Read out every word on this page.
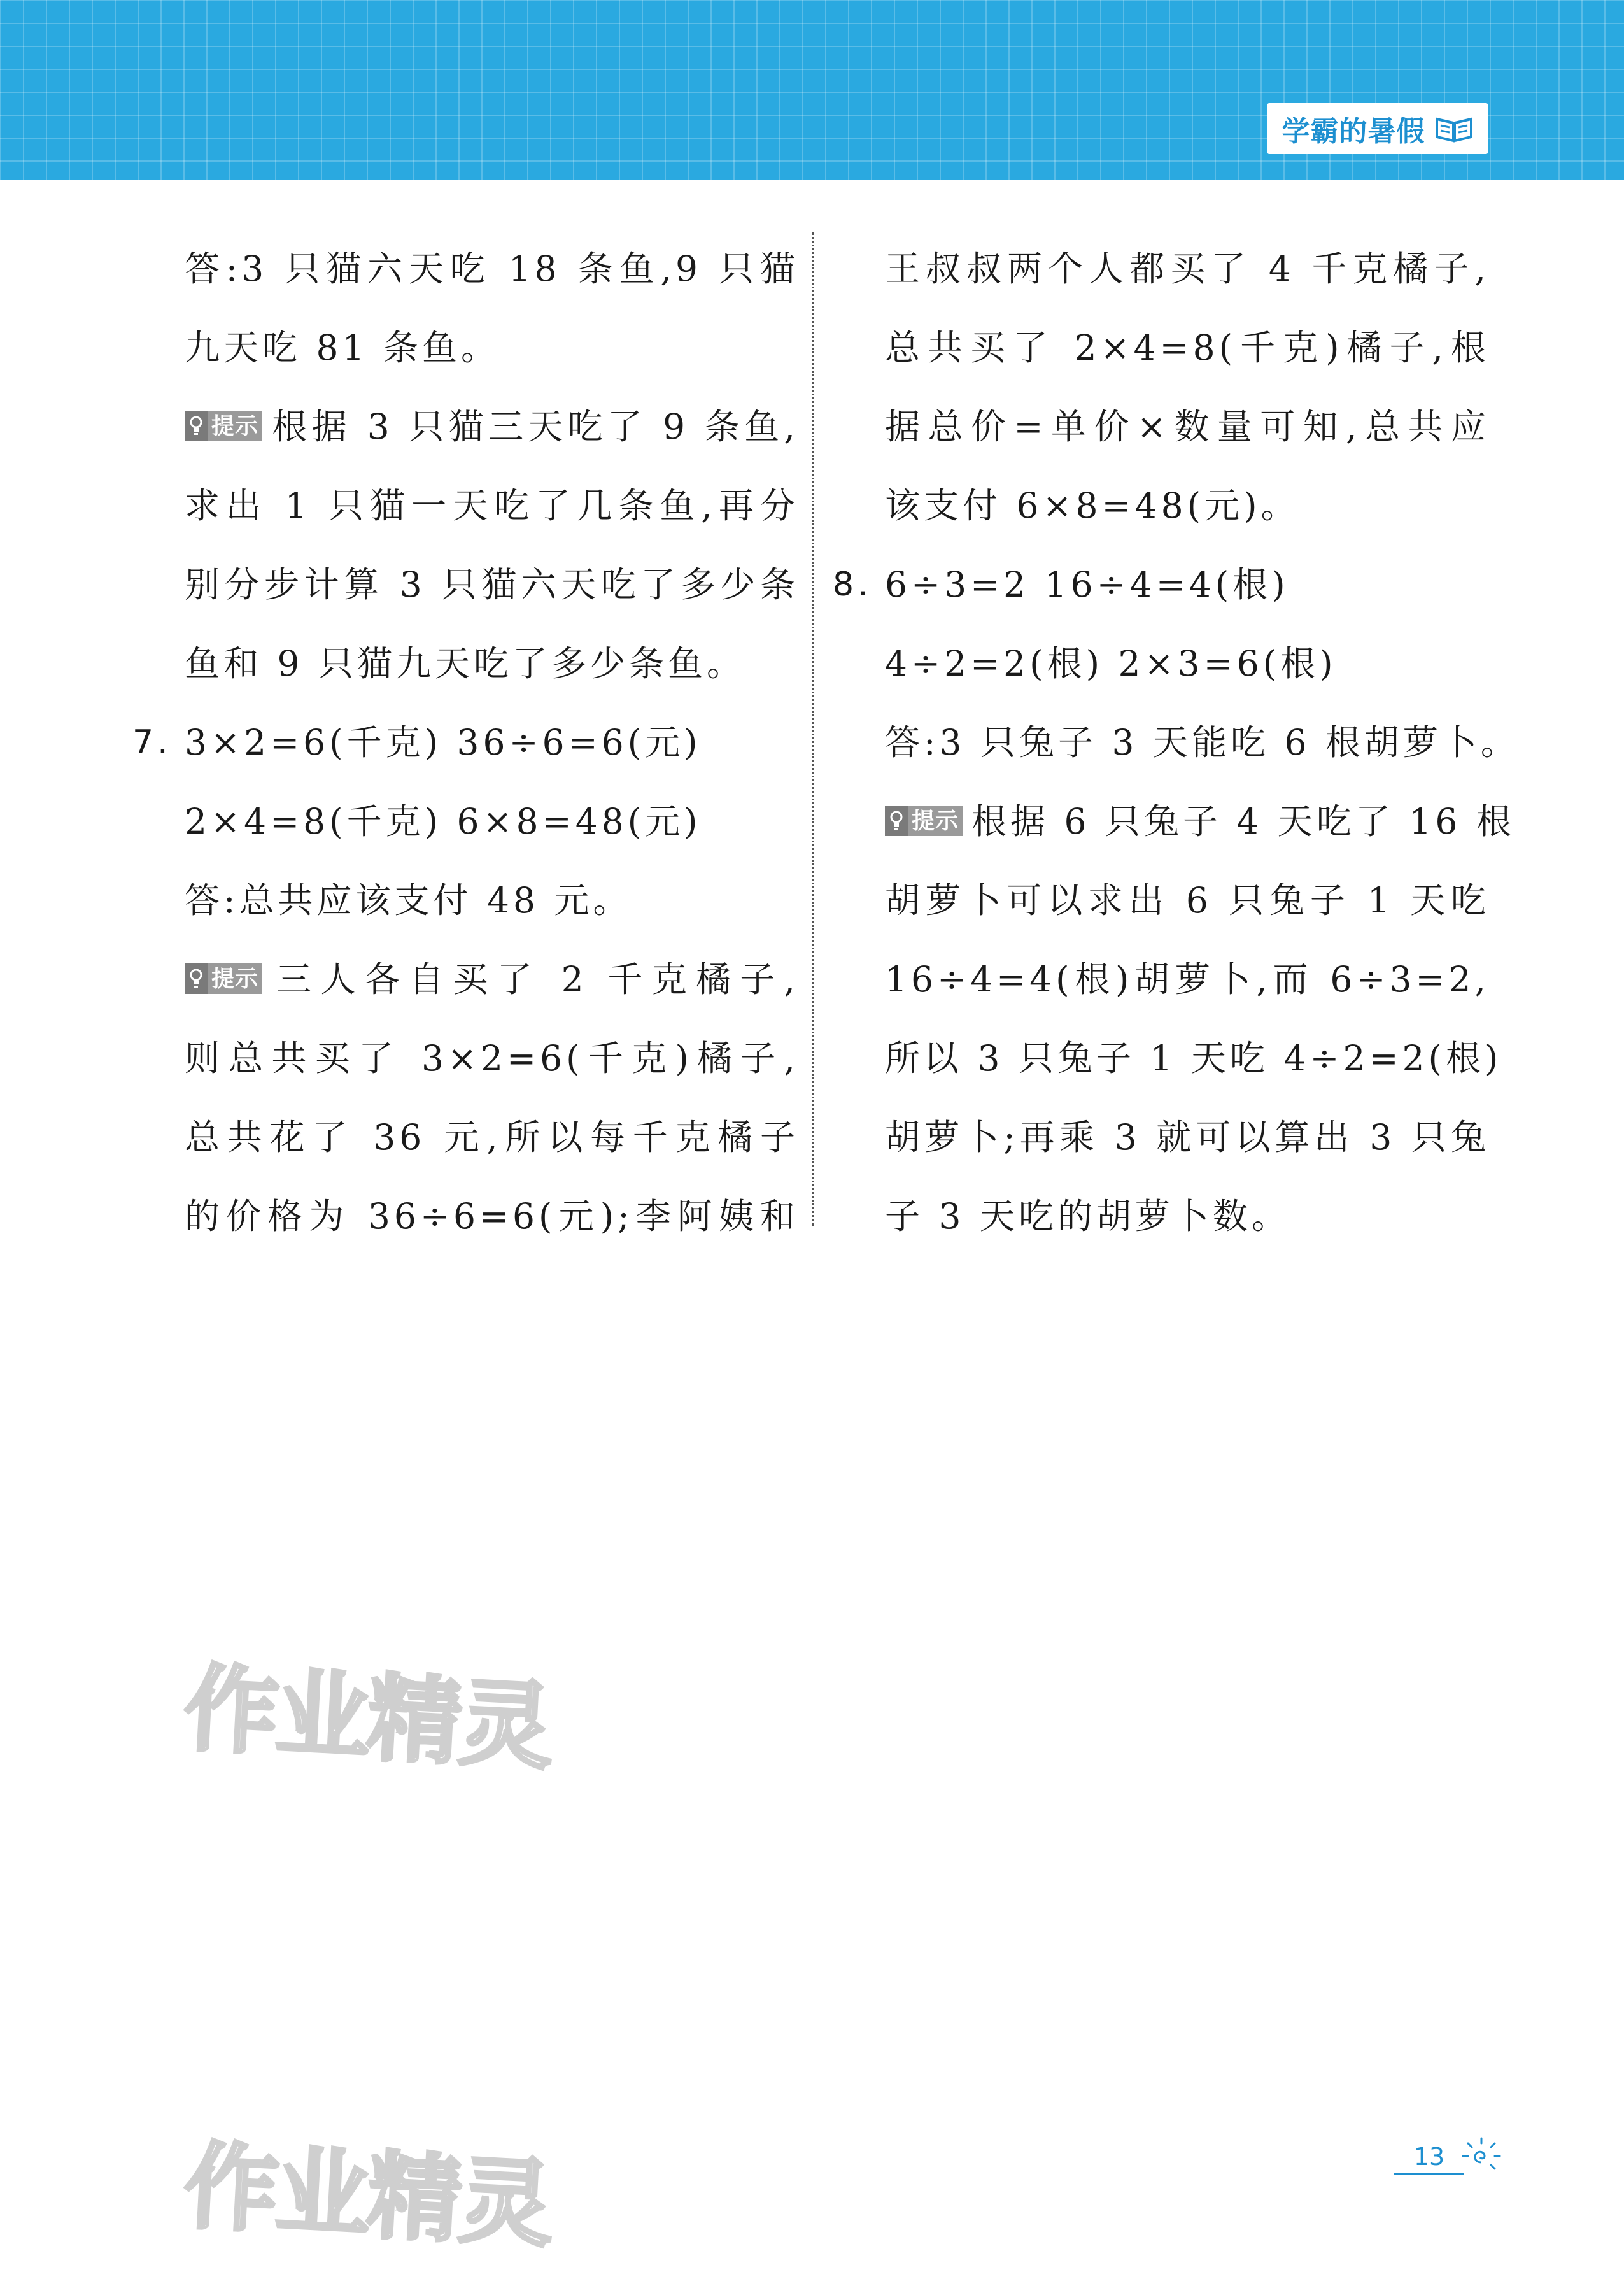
学霸的暑假
答:3 只猫六天吃 18 条鱼,9 只猫
九天吃 81 条鱼。
提示 根据 3 只猫三天吃了 9 条鱼,
求出 1 只猫一天吃了几条鱼,再分
别分步计算 3 只猫六天吃了多少条
鱼和 9 只猫九天吃了多少条鱼。
7. 3×2=6(千克) 36÷6=6(元)
2×4=8(千克) 6×8=48(元)
答:总共应该支付 48 元。
提示 三人各自买了 2 千克橘子,
则总共买了 3×2=6(千克)橘子,
总共花了 36 元,所以每千克橘子
的价格为 36÷6=6(元);李阿姨和
王叔叔两个人都买了 4 千克橘子,
总共买了 2×4=8(千克)橘子,根
据总价=单价×数量可知,总共应
该支付 6×8=48(元)。
8. 6÷3=2 16÷4=4(根)
4÷2=2(根) 2×3=6(根)
答:3 只兔子 3 天能吃 6 根胡萝卜。
提示 根据 6 只兔子 4 天吃了 16 根
胡萝卜可以求出 6 只兔子 1 天吃
16÷4=4(根)胡萝卜,而 6÷3=2,
所以 3 只兔子 1 天吃 4÷2=2(根)
胡萝卜;再乘 3 就可以算出 3 只兔
子 3 天吃的胡萝卜数。
作业精灵
作业精灵	13
